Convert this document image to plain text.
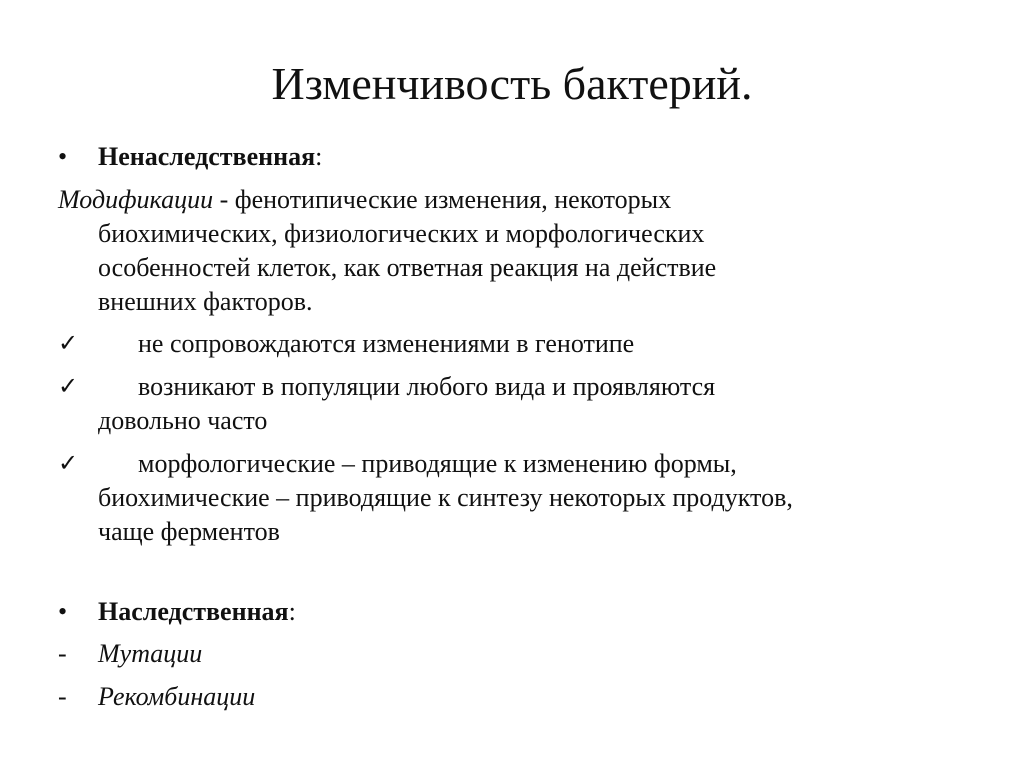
Изменчивость бактерий.
• Ненаследственная:
Модификации - фенотипические изменения, некоторых
биохимических, физиологических и морфологических
особенностей клеток, как ответная реакция на действие
внешних факторов.
✓ не сопровождаются изменениями в генотипе
✓ возникают в популяции любого вида и проявляются
довольно часто
✓ морфологические – приводящие к изменению формы,
биохимические – приводящие к синтезу некоторых продуктов,
чаще ферментов
• Наследственная:
- Мутации
- Рекомбинации
